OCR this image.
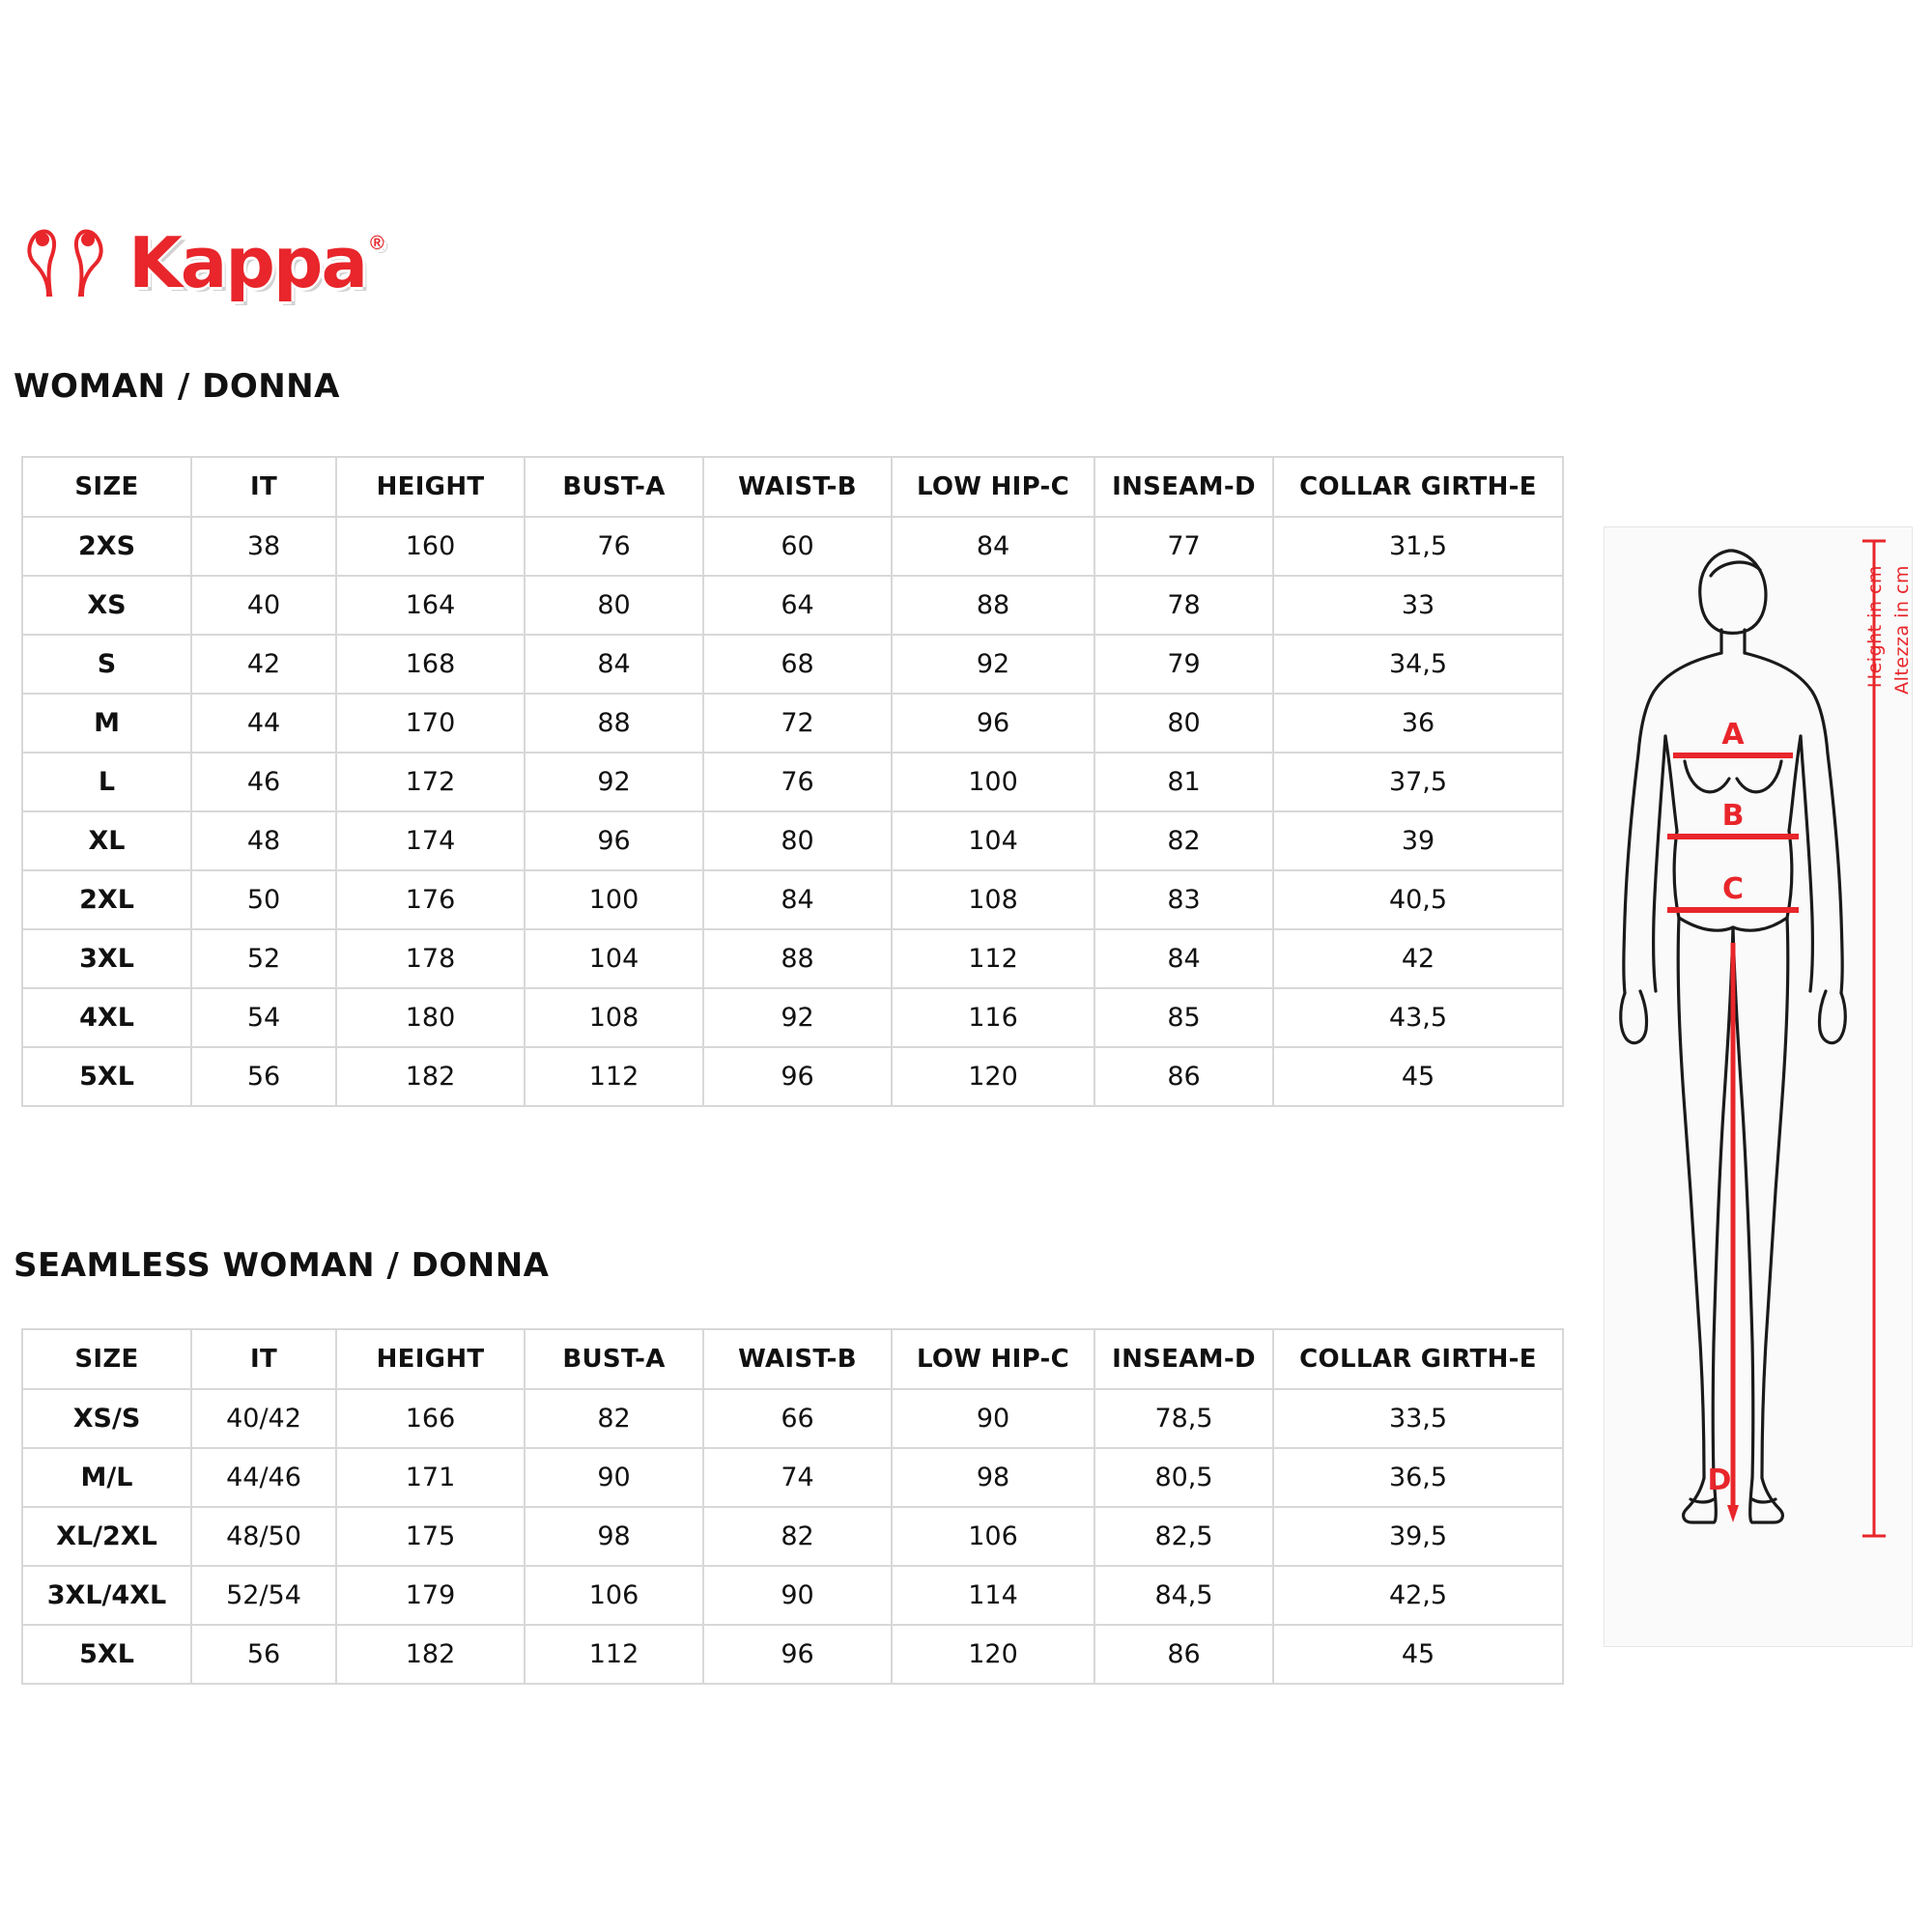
Kappa ®
WOMAN / DONNA
SIZE	IT	HEIGHT	BUST-A	WAIST-B	LOW HIP-C	INSEAM-D	COLLAR GIRTH-E
2XS	38	160	76	60	84	77	31,5
XS	40	164	80	64	88	78	33
S	42	168	84	68	92	79	34,5
M	44	170	88	72	96	80	36
L	46	172	92	76	100	81	37,5
XL	48	174	96	80	104	82	39
2XL	50	176	100	84	108	83	40,5
3XL	52	178	104	88	112	84	42
4XL	54	180	108	92	116	85	43,5
5XL	56	182	112	96	120	86	45
SEAMLESS WOMAN / DONNA
SIZE	IT	HEIGHT	BUST-A	WAIST-B	LOW HIP-C	INSEAM-D	COLLAR GIRTH-E
XS/S	40/42	166	82	66	90	78,5	33,5
M/L	44/46	171	90	74	98	80,5	36,5
XL/2XL	48/50	175	98	82	106	82,5	39,5
3XL/4XL	52/54	179	106	90	114	84,5	42,5
5XL	56	182	112	96	120	86	45
A
B
C
D
Height in cm Altezza in cm
